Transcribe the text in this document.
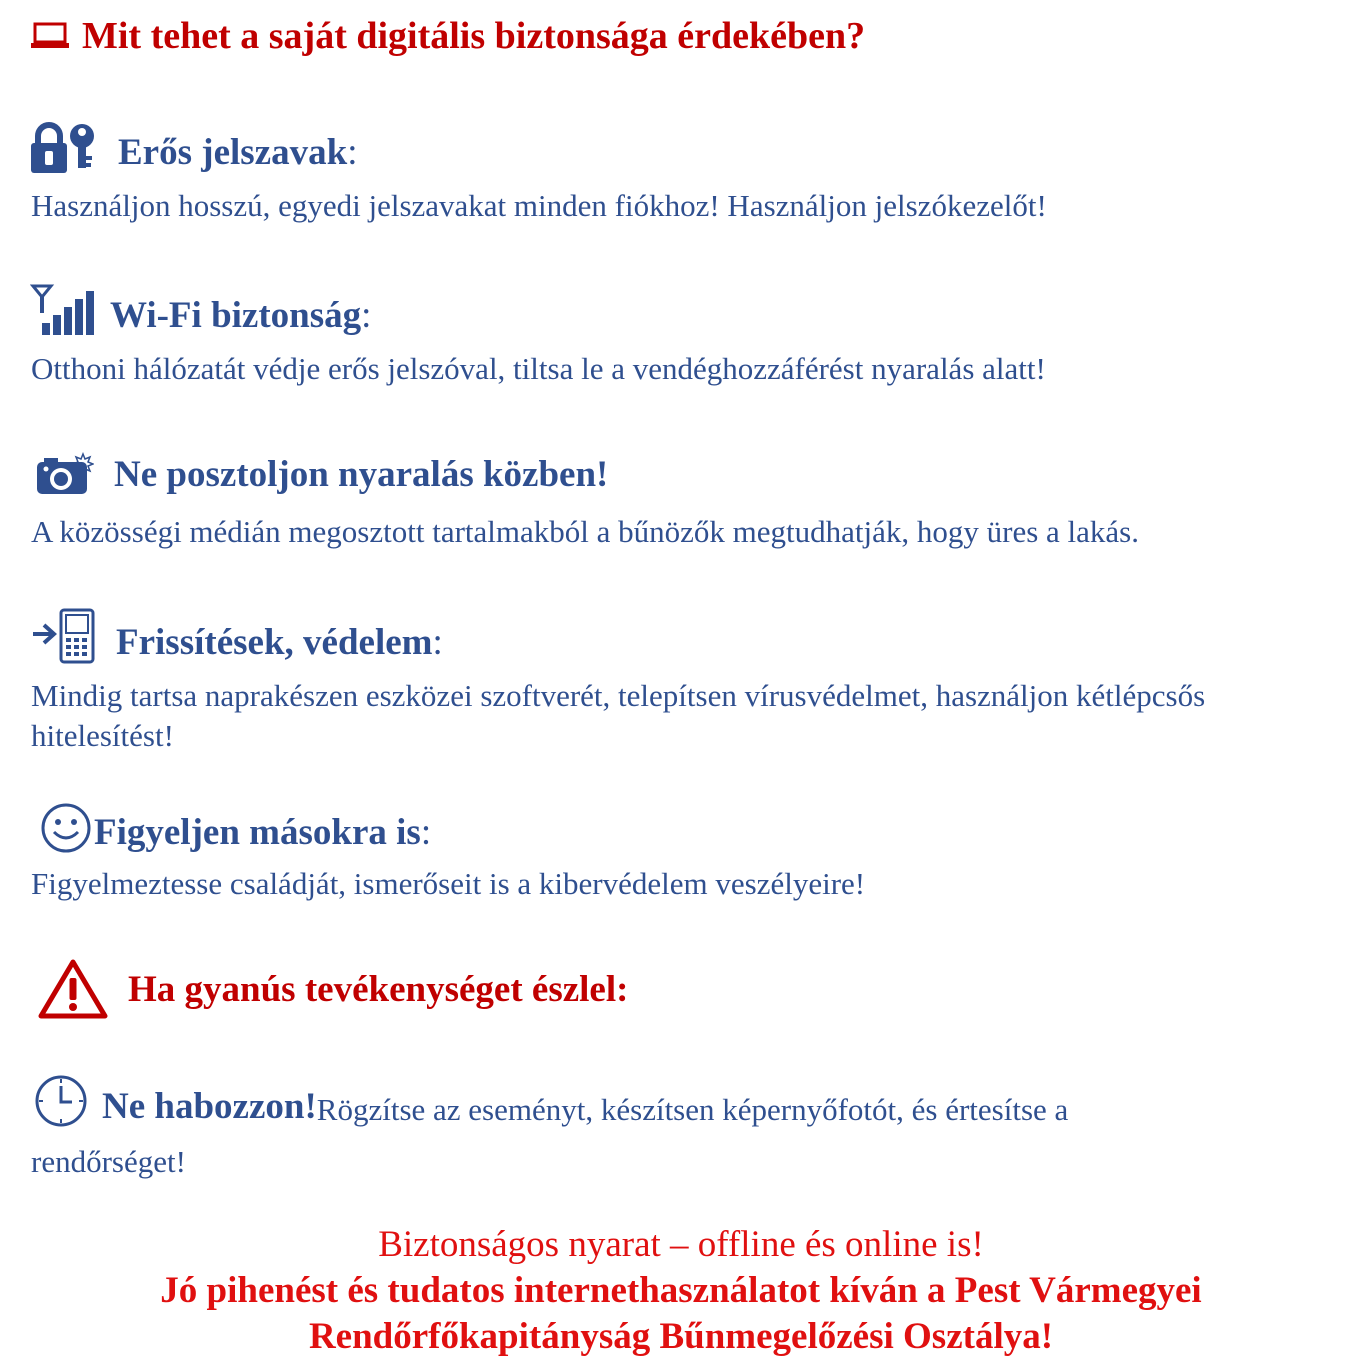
Mit tehet a saját digitális biztonsága érdekében?
Erős jelszavak :
Használjon hosszú, egyedi jelszavakat minden fiókhoz! Használjon jelszókezelőt!
Wi-Fi biztonság :
Otthoni hálózatát védje erős jelszóval, tiltsa le a vendéghozzáférést nyaralás alatt!
Ne posztoljon nyaralás közben!
A közösségi médián megosztott tartalmakból a bűnözők megtudhatják, hogy üres a lakás.
Frissítések, védelem :
Mindig tartsa naprakészen eszközei szoftverét, telepítsen vírusvédelmet, használjon kétlépcsős hitelesítést!
Figyeljen másokra is :
Figyelmeztesse családját, ismerőseit is a kibervédelem veszélyeire!
Ha gyanús tevékenységet észlel:
Ne habozzon! Rögzítse az eseményt, készítsen képernyőfotót, és értesítse a
rendőrséget!
Biztonságos nyarat – offline és online is!
Jó pihenést és tudatos internethasználatot kíván a Pest Vármegyei
Rendőrfőkapitányság Bűnmegelőzési Osztálya!
